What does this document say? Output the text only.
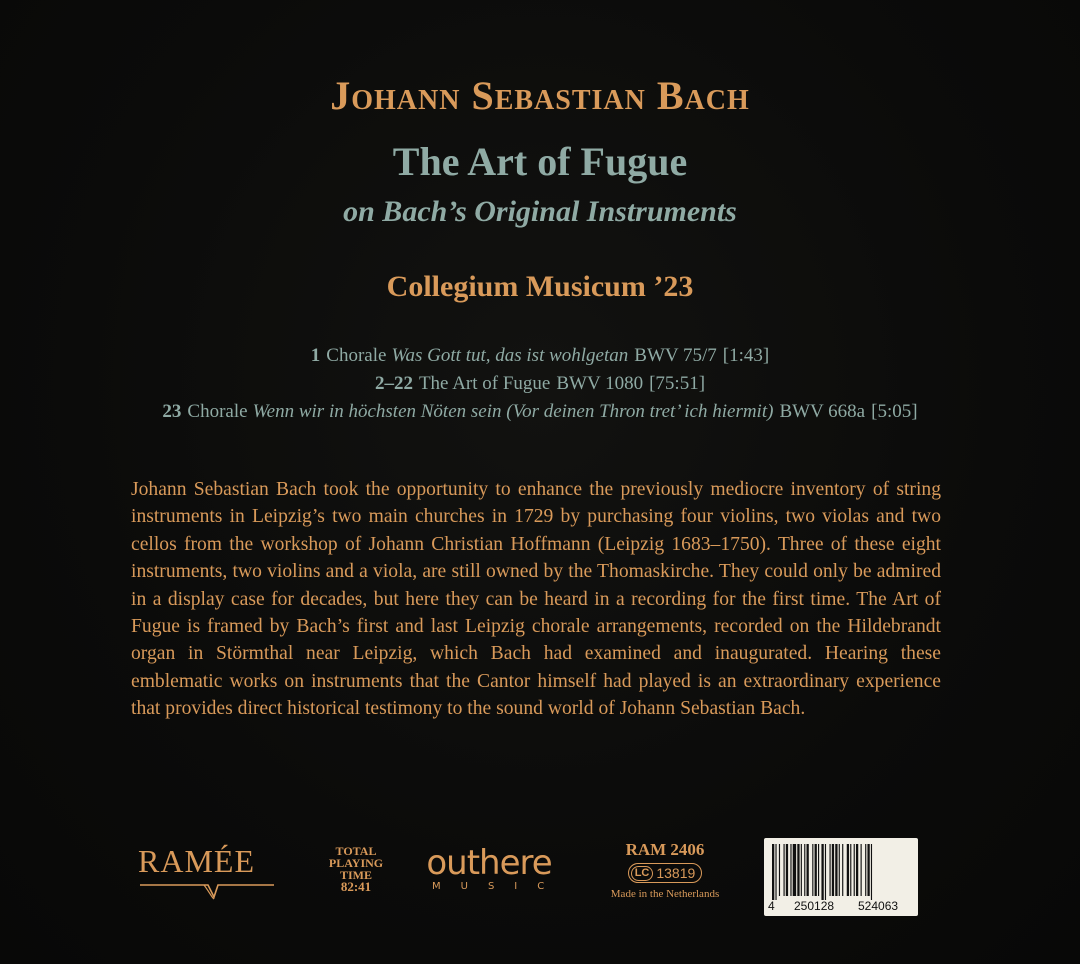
Johann Sebastian Bach
The Art of Fugue
on Bach’s Original Instruments
Collegium Musicum ’23
1 Chorale Was Gott tut, das ist wohlgetan BWV 75/7 [1:43]
2–22 The Art of Fugue BWV 1080 [75:51]
23 Chorale Wenn wir in höchsten Nöten sein (Vor deinen Thron tret’ ich hiermit) BWV 668a [5:05]

Johann Sebastian Bach took the opportunity to enhance the previously mediocre inventory of string instruments in Leipzig’s two main churches in 1729 by purchasing four violins, two violas and two cellos from the workshop of Johann Christian Hoffmann (Leipzig 1683–1750). Three of these eight instruments, two violins and a viola, are still owned by the Thomaskirche. They could only be admired in a display case for decades, but here they can be heard in a recording for the first time. The Art of Fugue is framed by Bach’s first and last Leipzig chorale arrangements, recorded on the Hildebrandt organ in Störmthal near Leipzig, which Bach had examined and inaugurated. Hearing these emblematic works on instruments that the Cantor himself had played is an extraordinary experience that provides direct historical testimony to the sound world of Johann Sebastian Bach.

RAMÉE	TOTAL
PLAYING
TIME
82:41
outhere
MUSIC
RAM 2406
LC 13819
Made in the Netherlands
4 250128 524063
